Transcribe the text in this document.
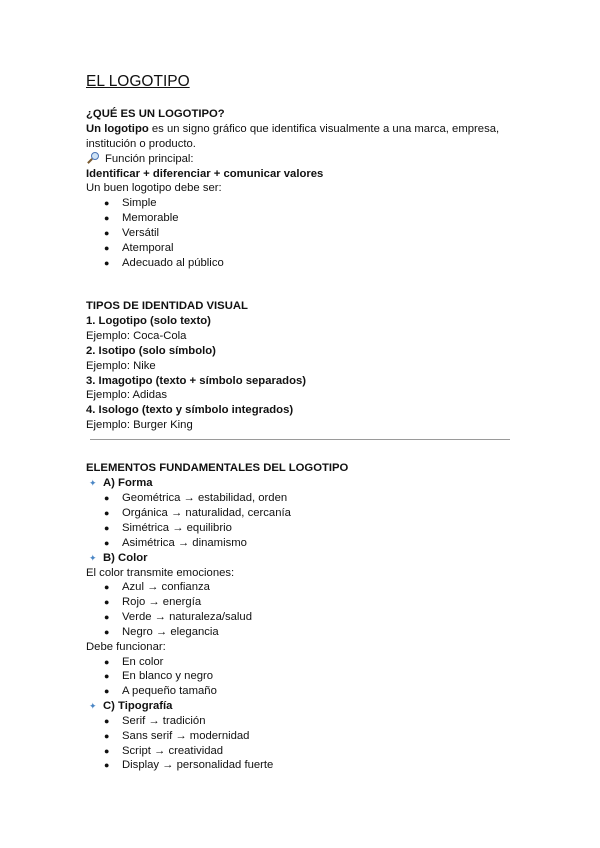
EL LOGOTIPO
¿QUÉ ES UN LOGOTIPO?
Un logotipo es un signo gráfico que identifica visualmente a una marca, empresa,
institución o producto.
Función principal:
Identificar + diferenciar + comunicar valores
Un buen logotipo debe ser:
● Simple
● Memorable
● Versátil
● Atemporal
● Adecuado al público
TIPOS DE IDENTIDAD VISUAL
1. Logotipo (solo texto)
Ejemplo: Coca-Cola
2. Isotipo (solo símbolo)
Ejemplo: Nike
3. Imagotipo (texto + símbolo separados)
Ejemplo: Adidas
4. Isologo (texto y símbolo integrados)
Ejemplo: Burger King
ELEMENTOS FUNDAMENTALES DEL LOGOTIPO
✦ A) Forma
● Geométrica → estabilidad, orden
● Orgánica → naturalidad, cercanía
● Simétrica → equilibrio
● Asimétrica → dinamismo
✦ B) Color
El color transmite emociones:
● Azul → confianza
● Rojo → energía
● Verde → naturaleza/salud
● Negro → elegancia
Debe funcionar:
● En color
● En blanco y negro
● A pequeño tamaño
✦ C) Tipografía
● Serif → tradición
● Sans serif → modernidad
● Script → creatividad
● Display → personalidad fuerte
